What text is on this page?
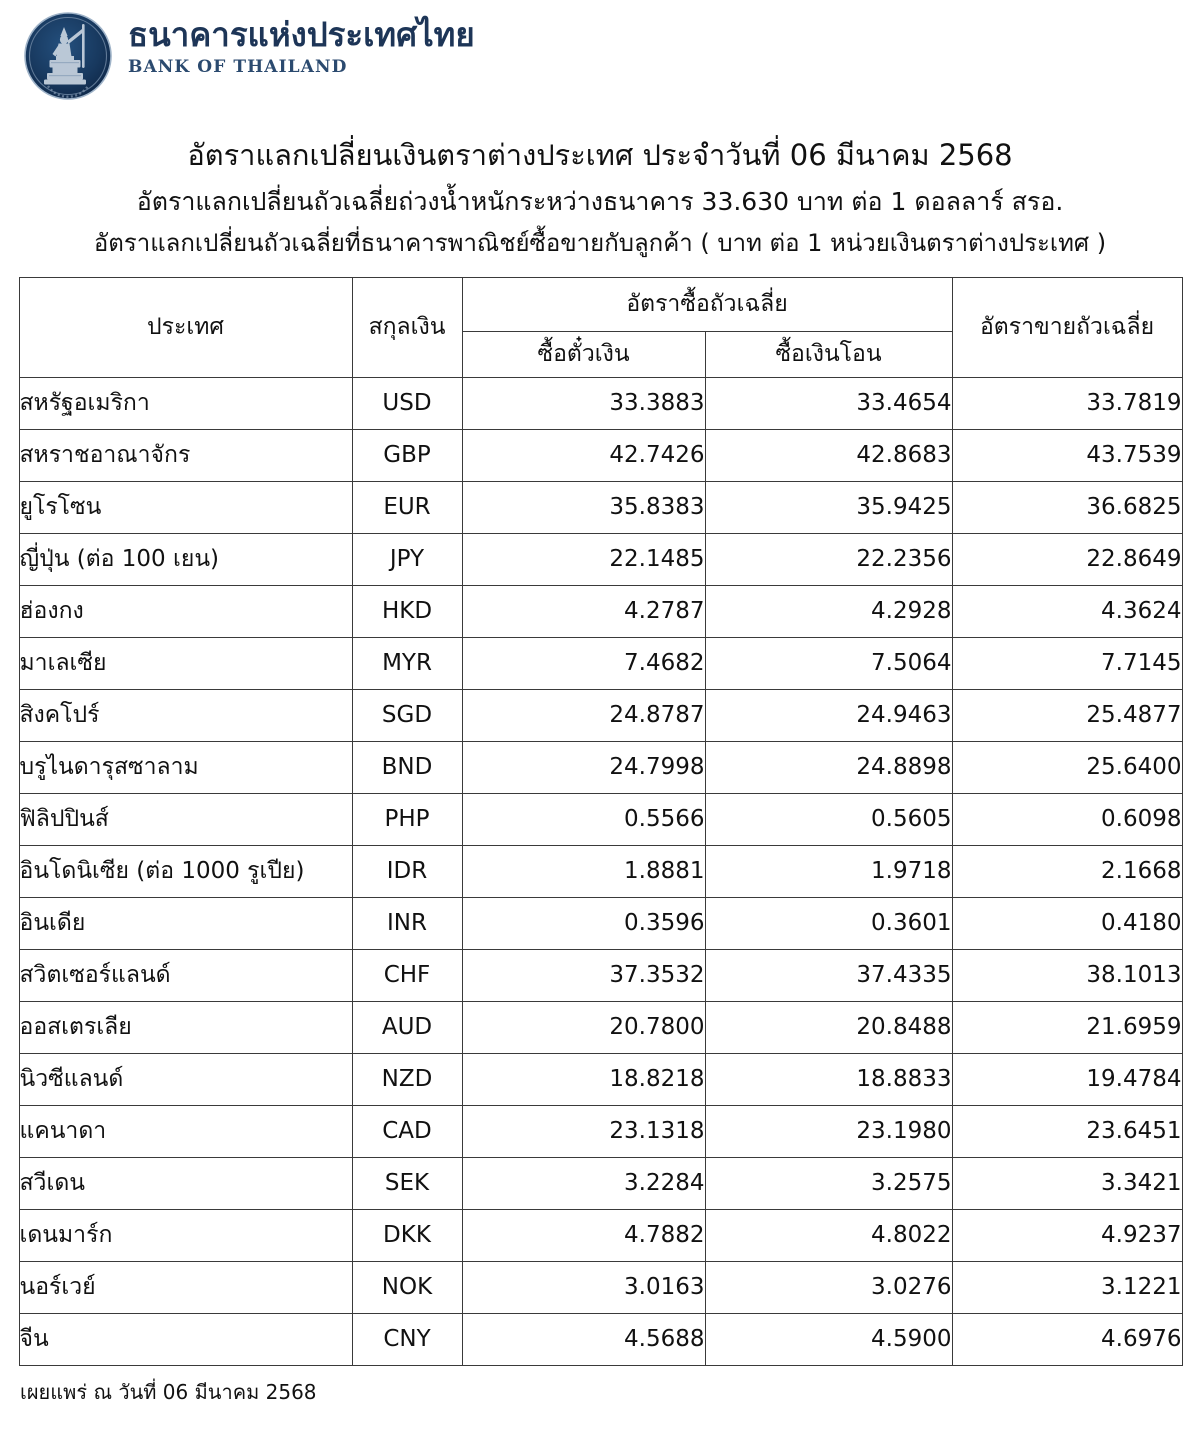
ธนาคารแห่งประเทศไทย
BANK OF THAILAND
อัตราแลกเปลี่ยนเงินตราต่างประเทศ ประจำวันที่ 06 มีนาคม 2568
อัตราแลกเปลี่ยนถัวเฉลี่ยถ่วงน้ำหนักระหว่างธนาคาร 33.630 บาท ต่อ 1 ดอลลาร์ สรอ.
อัตราแลกเปลี่ยนถัวเฉลี่ยที่ธนาคารพาณิชย์ซื้อขายกับลูกค้า ( บาท ต่อ 1 หน่วยเงินตราต่างประเทศ )
ประเทศ	สกุลเงิน	อัตราซื้อถัวเฉลี่ย		อัตราขายถัวเฉลี่ย
		ซื้อตั๋วเงิน	ซื้อเงินโอน	
สหรัฐอเมริกา	USD	33.3883	33.4654	33.7819
สหราชอาณาจักร	GBP	42.7426	42.8683	43.7539
ยูโรโซน	EUR	35.8383	35.9425	36.6825
ญี่ปุ่น (ต่อ 100 เยน)	JPY	22.1485	22.2356	22.8649
ฮ่องกง	HKD	4.2787	4.2928	4.3624
มาเลเซีย	MYR	7.4682	7.5064	7.7145
สิงคโปร์	SGD	24.8787	24.9463	25.4877
บรูไนดารุสซาลาม	BND	24.7998	24.8898	25.6400
ฟิลิปปินส์	PHP	0.5566	0.5605	0.6098
อินโดนิเซีย (ต่อ 1000 รูเปีย)	IDR	1.8881	1.9718	2.1668
อินเดีย	INR	0.3596	0.3601	0.4180
สวิตเซอร์แลนด์	CHF	37.3532	37.4335	38.1013
ออสเตรเลีย	AUD	20.7800	20.8488	21.6959
นิวซีแลนด์	NZD	18.8218	18.8833	19.4784
แคนาดา	CAD	23.1318	23.1980	23.6451
สวีเดน	SEK	3.2284	3.2575	3.3421
เดนมาร์ก	DKK	4.7882	4.8022	4.9237
นอร์เวย์	NOK	3.0163	3.0276	3.1221
จีน	CNY	4.5688	4.5900	4.6976
เผยแพร่ ณ วันที่ 06 มีนาคม 2568
